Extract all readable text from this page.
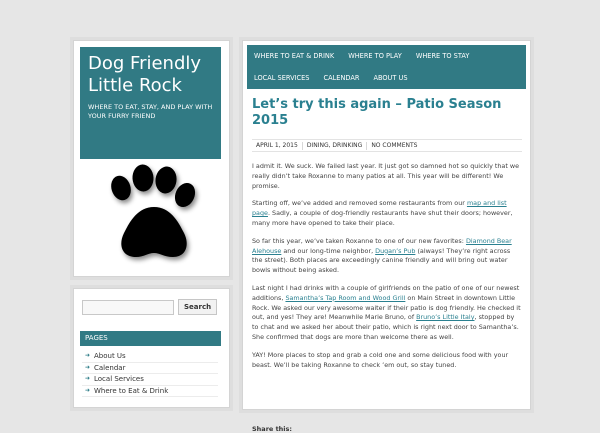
Dog Friendly
Little Rock
WHERE TO EAT, STAY, AND PLAY WITH YOUR FURRY FRIEND
Search
PAGES
➜ About Us
➜ Calendar
➜ Local Services
➜ Where to Eat & Drink
WHERE TO EAT & DRINK	WHERE TO PLAY	WHERE TO STAY
LOCAL SERVICES	CALENDAR	ABOUT US
Let’s try this again – Patio Season 2015
APRIL 1, 2015	DINING, DRINKING	NO COMMENTS

I admit it. We suck. We failed last year. It just got so damned hot so quickly that we really didn’t take Roxanne to many patios at all. This year will be different! We promise.

Starting off, we’ve added and removed some restaurants from our map and list page. Sadly, a couple of dog-friendly restaurants have shut their doors; however, many more have opened to take their place.

So far this year, we’ve taken Roxanne to one of our new favorites: Diamond Bear Alehouse and our long-time neighbor, Dugan’s Pub (always! They’re right across the street). Both places are exceedingly canine friendly and will bring out water bowls without being asked.

Last night I had drinks with a couple of girlfriends on the patio of one of our newest additions, Samantha’s Tap Room and Wood Grill on Main Street in downtown Little Rock. We asked our very awesome waiter if their patio is dog friendly. He checked it out, and yes! They are! Meanwhile Marie Bruno, of Bruno’s Little Italy, stopped by to chat and we asked her about their patio, which is right next door to Samantha’s. She confirmed that dogs are more than welcome there as well.

YAY! More places to stop and grab a cold one and some delicious food with your beast. We’ll be taking Roxanne to check ’em out, so stay tuned.

Share this:
